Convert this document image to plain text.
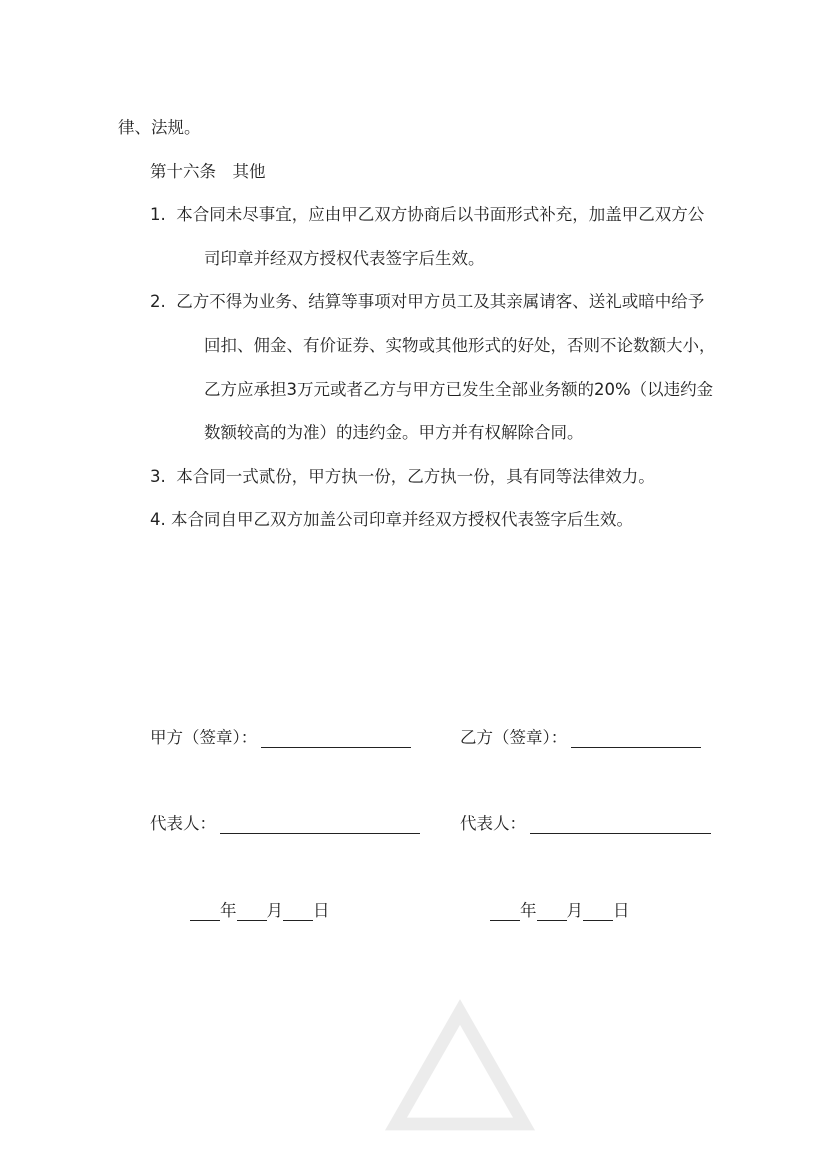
律、法规。
第十六条　其他
1. 本合同未尽事宜，应由甲乙双方协商后以书面形式补充，加盖甲乙双方公
司印章并经双方授权代表签字后生效。
2. 乙方不得为业务、结算等事项对甲方员工及其亲属请客、送礼或暗中给予
回扣、佣金、有价证券、实物或其他形式的好处，否则不论数额大小，
乙方应承担3万元或者乙方与甲方已发生全部业务额的20%（以违约金
数额较高的为准）的违约金。甲方并有权解除合同。
3. 本合同一式贰份，甲方执一份，乙方执一份，具有同等法律效力。
4. 本合同自甲乙双方加盖公司印章并经双方授权代表签字后生效。
甲方（签章）：	乙方（签章）：
代表人：	代表人：
年 月 日	年 月 日
